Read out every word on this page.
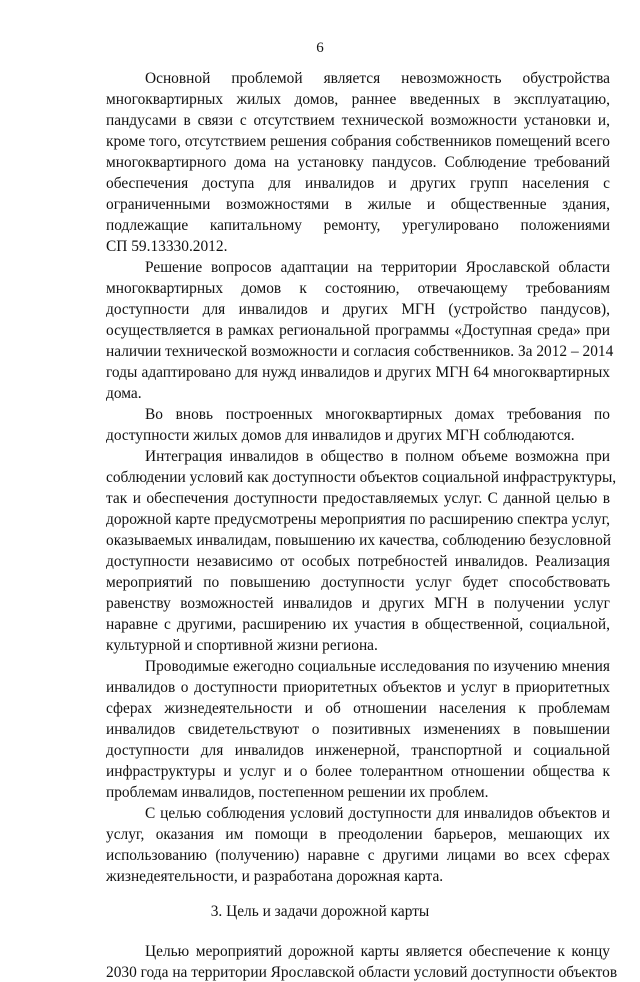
6
Основной проблемой является невозможность обустройства
многоквартирных жилых домов, раннее введенных в эксплуатацию,
пандусами в связи с отсутствием технической возможности установки и,
кроме того, отсутствием решения собрания собственников помещений всего
многоквартирного дома на установку пандусов. Соблюдение требований
обеспечения доступа для инвалидов и других групп населения с
ограниченными возможностями в жилые и общественные здания,
подлежащие капитальному ремонту, урегулировано положениями
СП 59.13330.2012.
Решение вопросов адаптации на территории Ярославской области
многоквартирных домов к состоянию, отвечающему требованиям
доступности для инвалидов и других МГН (устройство пандусов),
осуществляется в рамках региональной программы «Доступная среда» при
наличии технической возможности и согласия собственников. За 2012 – 2014
годы адаптировано для нужд инвалидов и других МГН 64 многоквартирных
дома.
Во вновь построенных многоквартирных домах требования по
доступности жилых домов для инвалидов и других МГН соблюдаются.
Интеграция инвалидов в общество в полном объеме возможна при
соблюдении условий как доступности объектов социальной инфраструктуры,
так и обеспечения доступности предоставляемых услуг. С данной целью в
дорожной карте предусмотрены мероприятия по расширению спектра услуг,
оказываемых инвалидам, повышению их качества, соблюдению безусловной
доступности независимо от особых потребностей инвалидов. Реализация
мероприятий по повышению доступности услуг будет способствовать
равенству возможностей инвалидов и других МГН в получении услуг
наравне с другими, расширению их участия в общественной, социальной,
культурной и спортивной жизни региона.
Проводимые ежегодно социальные исследования по изучению мнения
инвалидов о доступности приоритетных объектов и услуг в приоритетных
сферах жизнедеятельности и об отношении населения к проблемам
инвалидов свидетельствуют о позитивных изменениях в повышении
доступности для инвалидов инженерной, транспортной и социальной
инфраструктуры и услуг и о более толерантном отношении общества к
проблемам инвалидов, постепенном решении их проблем.
С целью соблюдения условий доступности для инвалидов объектов и
услуг, оказания им помощи в преодолении барьеров, мешающих их
использованию (получению) наравне с другими лицами во всех сферах
жизнедеятельности, и разработана дорожная карта.
3. Цель и задачи дорожной карты
Целью мероприятий дорожной карты является обеспечение к концу
2030 года на территории Ярославской области условий доступности объектов
